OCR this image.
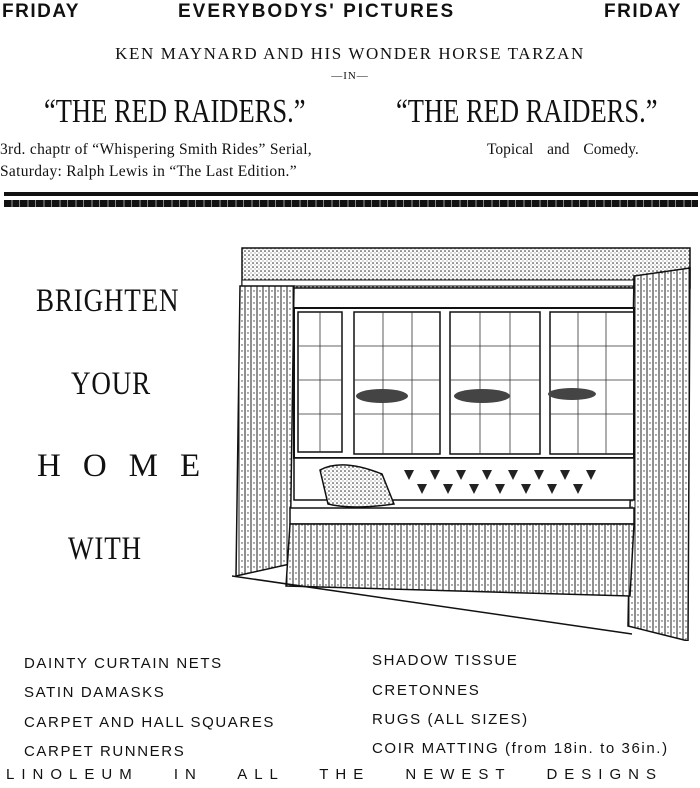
FRIDAY	EVERYBODYS' PICTURES	FRIDAY
KEN MAYNARD AND HIS WONDER HORSE TARZAN
—IN—
“THE RED RAIDERS.”	“THE RED RAIDERS.”
3rd. chaptr of “Whispering Smith Rides” Serial,
Saturday: Ralph Lewis in “The Last Edition.”
Topical and Comedy.
BRIGHTEN
YOUR
HOME
WITH
DAINTY CURTAIN NETS
SATIN DAMASKS
CARPET AND HALL SQUARES
CARPET RUNNERS
SHADOW TISSUE
CRETONNES
RUGS (ALL SIZES)
COIR MATTING (from 18in. to 36in.)
LINOLEUM IN ALL THE NEWEST DESIGNS
